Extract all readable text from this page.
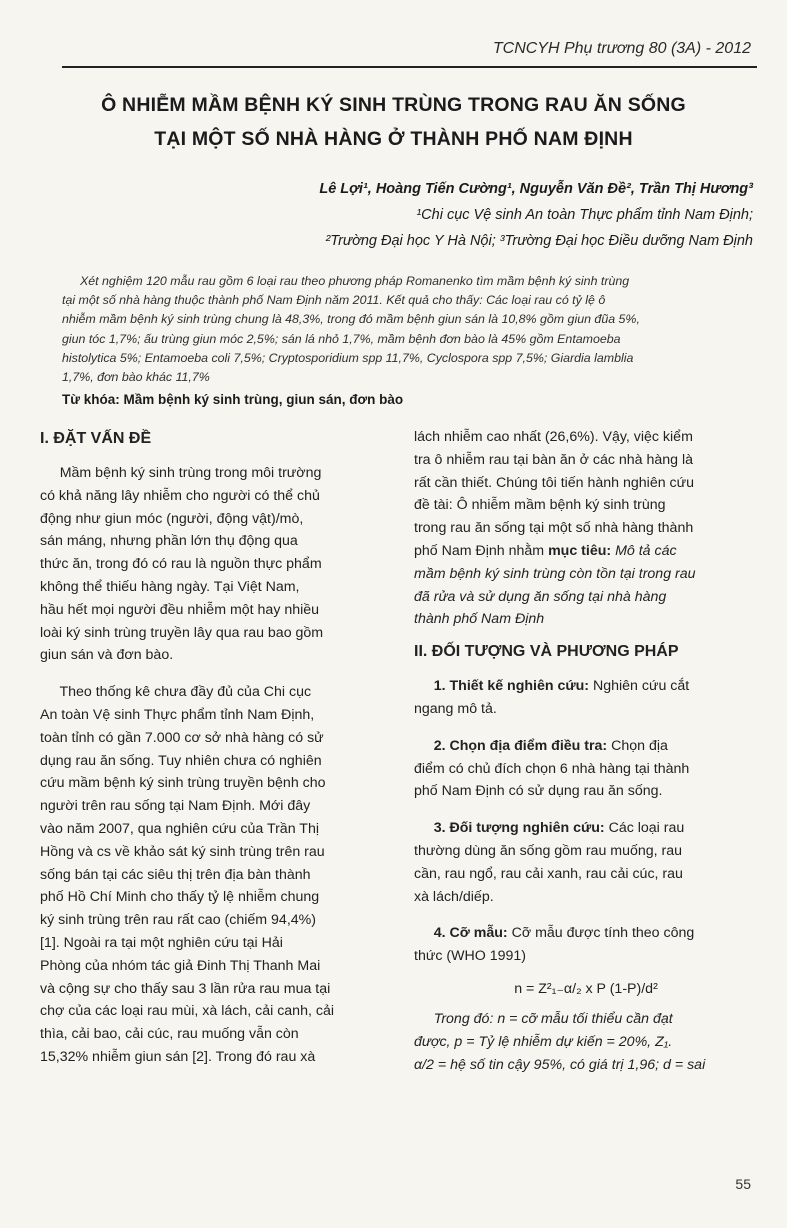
TCNCYH Phụ trương 80 (3A) - 2012
Ô NHIỄM MẦM BỆNH KÝ SINH TRÙNG TRONG RAU ĂN SỐNG
TẠI MỘT SỐ NHÀ HÀNG Ở THÀNH PHỐ NAM ĐỊNH
Lê Lợi¹, Hoàng Tiến Cường¹, Nguyễn Văn Đề², Trần Thị Hương³
¹Chi cục Vệ sinh An toàn Thực phẩm tỉnh Nam Định;
²Trường Đại học Y Hà Nội; ³Trường Đại học Điều dưỡng Nam Định
Xét nghiệm 120 mẫu rau gồm 6 loại rau theo phương pháp Romanenko tìm mầm bệnh ký sinh trùng
tại một số nhà hàng thuộc thành phố Nam Định năm 2011. Kết quả cho thấy: Các loại rau có tỷ lệ ô
nhiễm mầm bệnh ký sinh trùng chung là 48,3%, trong đó mầm bệnh giun sán là 10,8% gồm giun đũa 5%,
giun tóc 1,7%; ấu trùng giun móc 2,5%; sán lá nhỏ 1,7%, mầm bệnh đơn bào là 45% gồm Entamoeba
histolytica 5%; Entamoeba coli 7,5%; Cryptosporidium spp 11,7%, Cyclospora spp 7,5%; Giardia lamblia
1,7%, đơn bào khác 11,7%
Từ khóa: Mầm bệnh ký sinh trùng, giun sán, đơn bào
I. ĐẶT VẤN ĐỀ
Mầm bệnh ký sinh trùng trong môi trường
có khả năng lây nhiễm cho người có thể chủ
động như giun móc (người, động vật)/mò,
sán máng, nhưng phần lớn thụ động qua
thức ăn, trong đó có rau là nguồn thực phẩm
không thể thiếu hàng ngày. Tại Việt Nam,
hầu hết mọi người đều nhiễm một hay nhiều
loài ký sinh trùng truyền lây qua rau bao gồm
giun sán và đơn bào.
Theo thống kê chưa đầy đủ của Chi cục
An toàn Vệ sinh Thực phẩm tỉnh Nam Định,
toàn tỉnh có gần 7.000 cơ sở nhà hàng có sử
dụng rau ăn sống. Tuy nhiên chưa có nghiên
cứu mầm bệnh ký sinh trùng truyền bệnh cho
người trên rau sống tại Nam Định. Mới đây
vào năm 2007, qua nghiên cứu của Trần Thị
Hồng và cs về khảo sát ký sinh trùng trên rau
sống bán tại các siêu thị trên địa bàn thành
phố Hồ Chí Minh cho thấy tỷ lệ nhiễm chung
ký sinh trùng trên rau rất cao (chiếm 94,4%)
[1]. Ngoài ra tại một nghiên cứu tại Hải
Phòng của nhóm tác giả Đinh Thị Thanh Mai
và cộng sự cho thấy sau 3 lần rửa rau mua tại
chợ của các loại rau mùi, xà lách, cải canh, cải
thìa, cải bao, cải cúc, rau muống vẫn còn
15,32% nhiễm giun sán [2]. Trong đó rau xà
lách nhiễm cao nhất (26,6%). Vậy, việc kiểm
tra ô nhiễm rau tại bàn ăn ở các nhà hàng là
rất cần thiết. Chúng tôi tiến hành nghiên cứu
đề tài: Ô nhiễm mầm bệnh ký sinh trùng
trong rau ăn sống tại một số nhà hàng thành
phố Nam Định nhằm mục tiêu: Mô tả các
mầm bệnh ký sinh trùng còn tồn tại trong rau
đã rửa và sử dụng ăn sống tại nhà hàng
thành phố Nam Định
II. ĐỐI TƯỢNG VÀ PHƯƠNG PHÁP
1. Thiết kế nghiên cứu: Nghiên cứu cắt
ngang mô tả.
2. Chọn địa điểm điều tra: Chọn địa
điểm có chủ đích chọn 6 nhà hàng tại thành
phố Nam Định có sử dụng rau ăn sống.
3. Đối tượng nghiên cứu: Các loại rau
thường dùng ăn sống gồm rau muống, rau
cần, rau ngổ, rau cải xanh, rau cải cúc, rau
xà lách/diếp.
4. Cỡ mẫu: Cỡ mẫu được tính theo công
thức (WHO 1991)
n = Z²₁₋α/₂ x P (1-P)/d²
Trong đó: n = cỡ mẫu tối thiểu cần đạt
được, p = Tỷ lệ nhiễm dự kiến = 20%, Z₁.
α/2 = hệ số tin cậy 95%, có giá trị 1,96; d = sai
55
